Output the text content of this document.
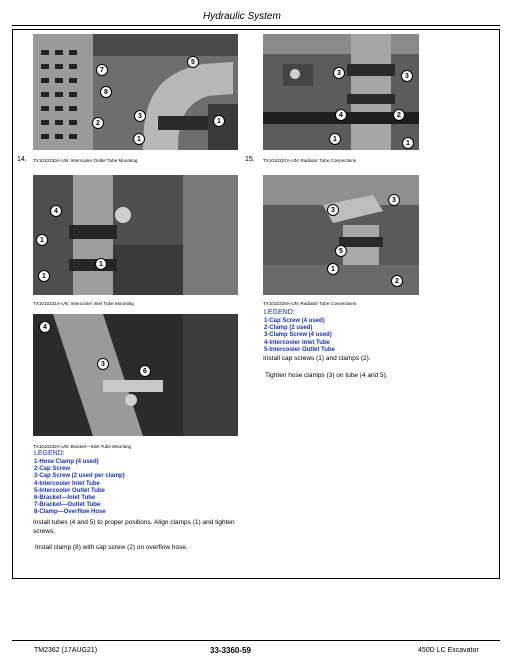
Hydraulic System
5
7
8
3
2	1
1
14. TX1010230A-UN: Intercooler Outlet Tube Mounting
3	3
4	2
1
1
15. TX1010227A-UN: Radiator Tube Connections
4
1
1
1
TX1010231A-UN: Intercooler Inlet Tube Mounting
3
3
5
1
2
TX1010228A-UN: Radiator Tube Connections
LEGEND:
1-Cap Screw (4 used)
2-Clamp (2 used)
3-Clamp Screw (4 used)
4-Intercooler Inlet Tube
5-Intercooler Outlet Tube
Install cap screws (1) and clamps (2).
Tighten hose clamps (3) on tube (4 and 5).
4
3
6
TX1010232A-UN: Bracket—Inlet Tube Mounting
LEGEND:
1-Hose Clamp (4 used)
2-Cap Screw
3-Cap Screw (2 used per clamp)
4-Intercooler Inlet Tube
5-Intercooler Outlet Tube
6-Bracket—Inlet Tube
7-Bracket—Outlet Tube
8-Clamp—Overflow Hose
Install tubes (4 and 5) to proper positions. Align clamps (1) and tighten screws.
Install clamp (8) with cap screw (2) on overflow hose.
TM2362 (17AUG21)	33-3360-59	450D LC Excavator
